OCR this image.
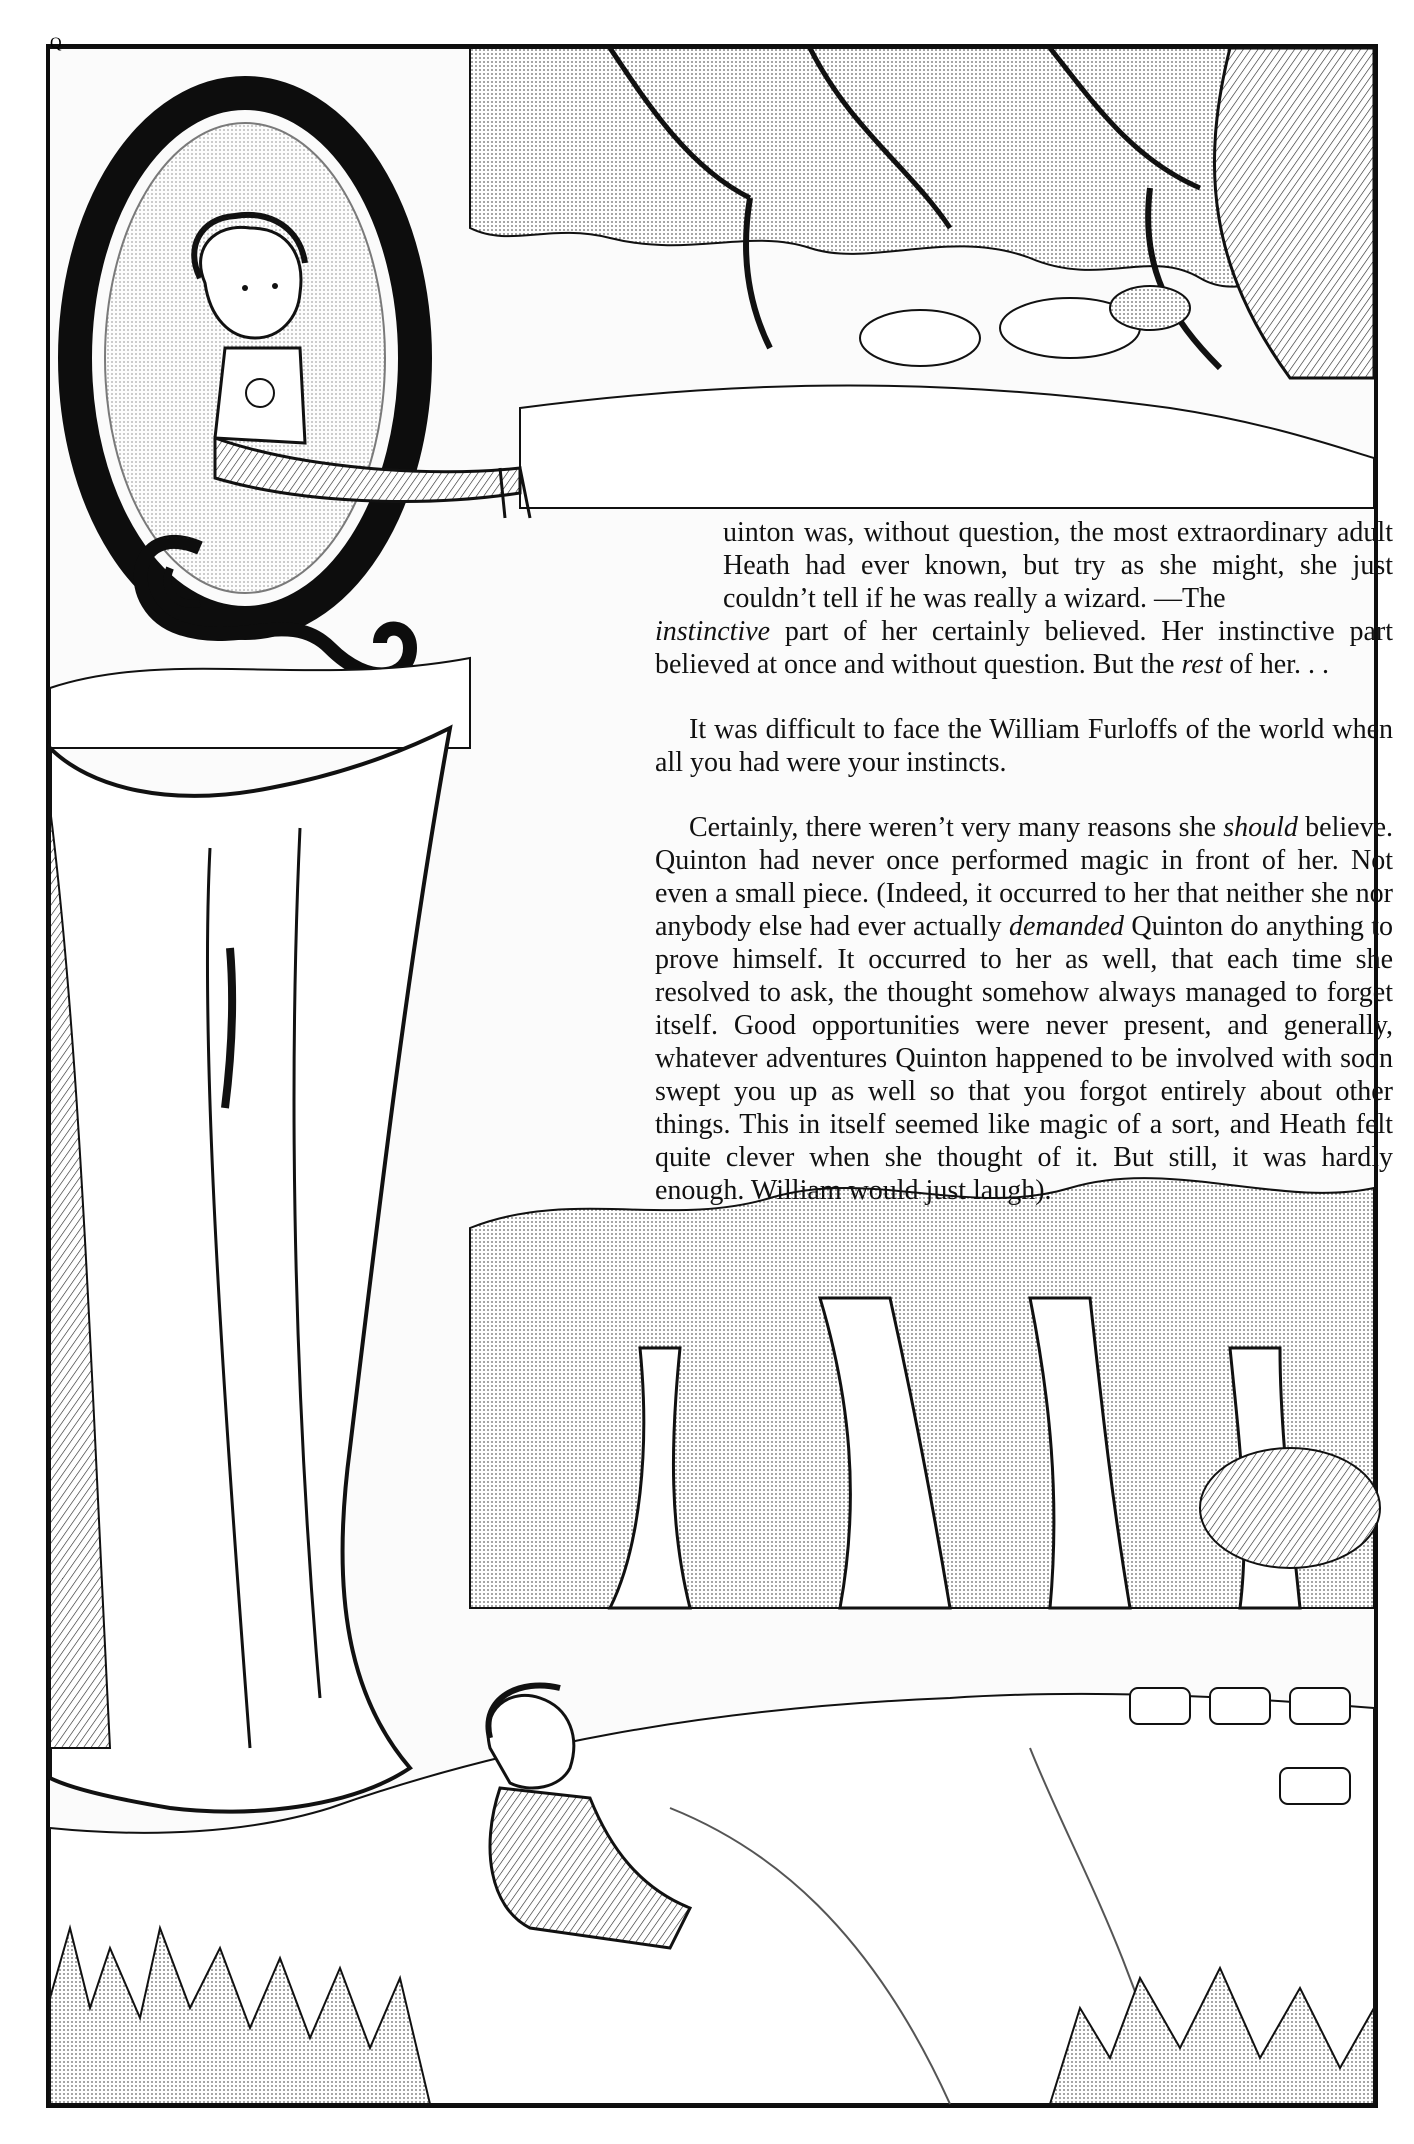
Q

uinton was, without question, the most extraordinary adult Heath had ever known, but try as she might, she just couldn’t tell if he was really a wizard. —The
instinctive part of her certainly believed. Her instinctive part believed at once and without question. But the rest of her. . .

It was difficult to face the William Furloffs of the world when all you had were your instincts.

Certainly, there weren’t very many reasons she should believe. Quinton had never once performed magic in front of her. Not even a small piece. (Indeed, it occurred to her that neither she nor anybody else had ever actually demanded Quinton do anything to prove himself. It occurred to her as well, that each time she resolved to ask, the thought somehow always managed to forget itself. Good opportunities were never present, and generally, whatever adventures Quinton happened to be involved with soon swept you up as well so that you forgot entirely about other things. This in itself seemed like magic of a sort, and Heath felt quite clever when she thought of it. But still, it was hardly enough. William would just laugh).
